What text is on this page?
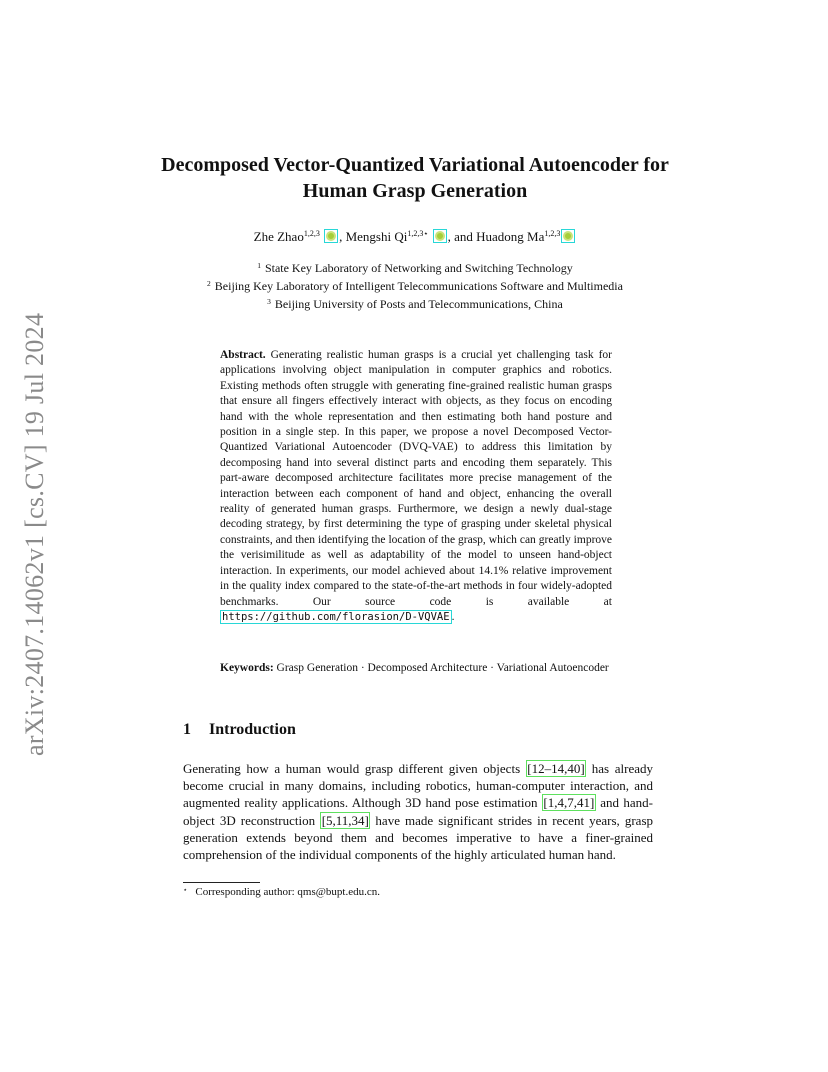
arXiv:2407.14062v1 [cs.CV] 19 Jul 2024
Decomposed Vector-Quantized Variational Autoencoder for Human Grasp Generation
Zhe Zhao$^{1,2,3}$ , Mengshi $Qi^{1,2,3⋆}$ , and Huadong Ma$^{1,2,3}$
$^1$ State Key Laboratory of Networking and Switching Technology
$^2$ Beijing Key Laboratory of Intelligent Telecommunications Software and Multimedia
$^3$ Beijing University of Posts and Telecommunications, China
Abstract. Generating realistic human grasps is a crucial yet challenging task for applications involving object manipulation in computer graphics and robotics. Existing methods often struggle with generating fine-grained realistic human grasps that ensure all fingers effectively interact with objects, as they focus on encoding hand with the whole representation and then estimating both hand posture and position in a single step. In this paper, we propose a novel Decomposed Vector-Quantized Variational Autoencoder (DVQ-VAE) to address this limitation by decomposing hand into several distinct parts and encoding them separately. This part-aware decomposed architecture facilitates more precise management of the interaction between each component of hand and object, enhancing the overall reality of generated human grasps. Furthermore, we design a newly dual-stage decoding strategy, by first determining the type of grasping under skeletal physical constraints, and then identifying the location of the grasp, which can greatly improve the verisimilitude as well as adaptability of the model to unseen hand-object interaction. In experiments, our model achieved about 14.1% relative improvement in the quality index compared to the state-of-the-art methods in four widely-adopted benchmarks. Our source code is available at https://github.com/florasion/D-VQVAE .
Keywords: Grasp Generation · Decomposed Architecture · Variational Autoencoder
1 Introduction
Generating how a human would grasp different given objects [12–14,40] has already become crucial in many domains, including robotics, human-computer interaction, and augmented reality applications. Although 3D hand pose estimation [1,4,7,41] and hand-object 3D reconstruction [5,11,34] have made significant strides in recent years, grasp generation extends beyond them and becomes imperative to have a finer-grained comprehension of the individual components of the highly articulated human hand.
⋆ Corresponding author: qms@bupt.edu.cn.
